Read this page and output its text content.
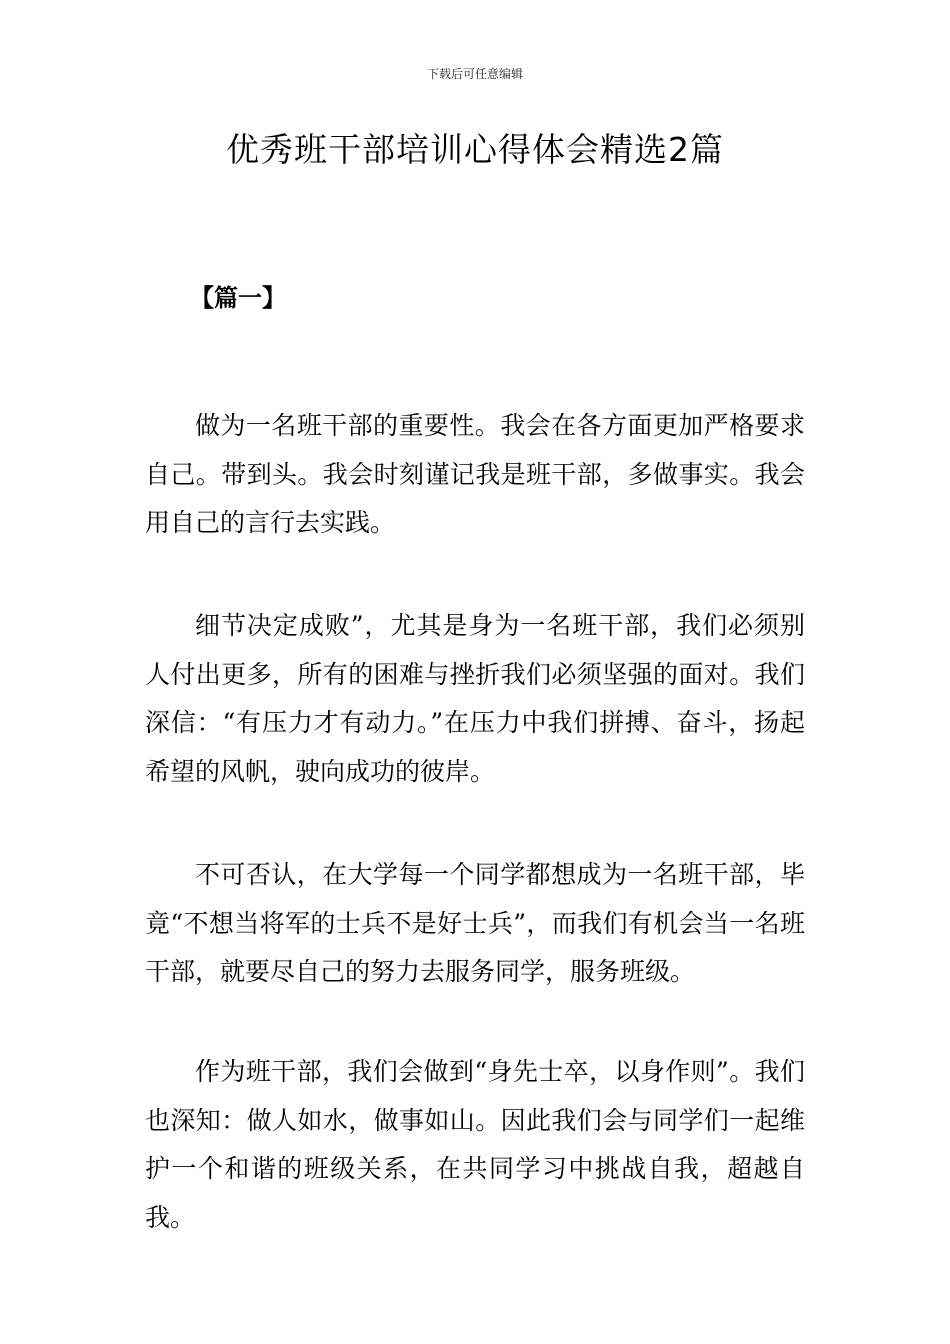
下载后可任意编辑
优秀班干部培训心得体会精选2篇
【篇一】

做为一名班干部的重要性。我会在各方面更加严格要求自己。带到头。我会时刻谨记我是班干部，多做事实。我会用自己的言行去实践。

细节决定成败”，尤其是身为一名班干部，我们必须别人付出更多，所有的困难与挫折我们必须坚强的面对。我们深信：“有压力才有动力。”在压力中我们拼搏、奋斗，扬起希望的风帆，驶向成功的彼岸。

不可否认，在大学每一个同学都想成为一名班干部，毕竟“不想当将军的士兵不是好士兵”，而我们有机会当一名班干部，就要尽自己的努力去服务同学，服务班级。

作为班干部，我们会做到“身先士卒，以身作则”。我们也深知：做人如水，做事如山。因此我们会与同学们一起维护一个和谐的班级关系，在共同学习中挑战自我，超越自我。
